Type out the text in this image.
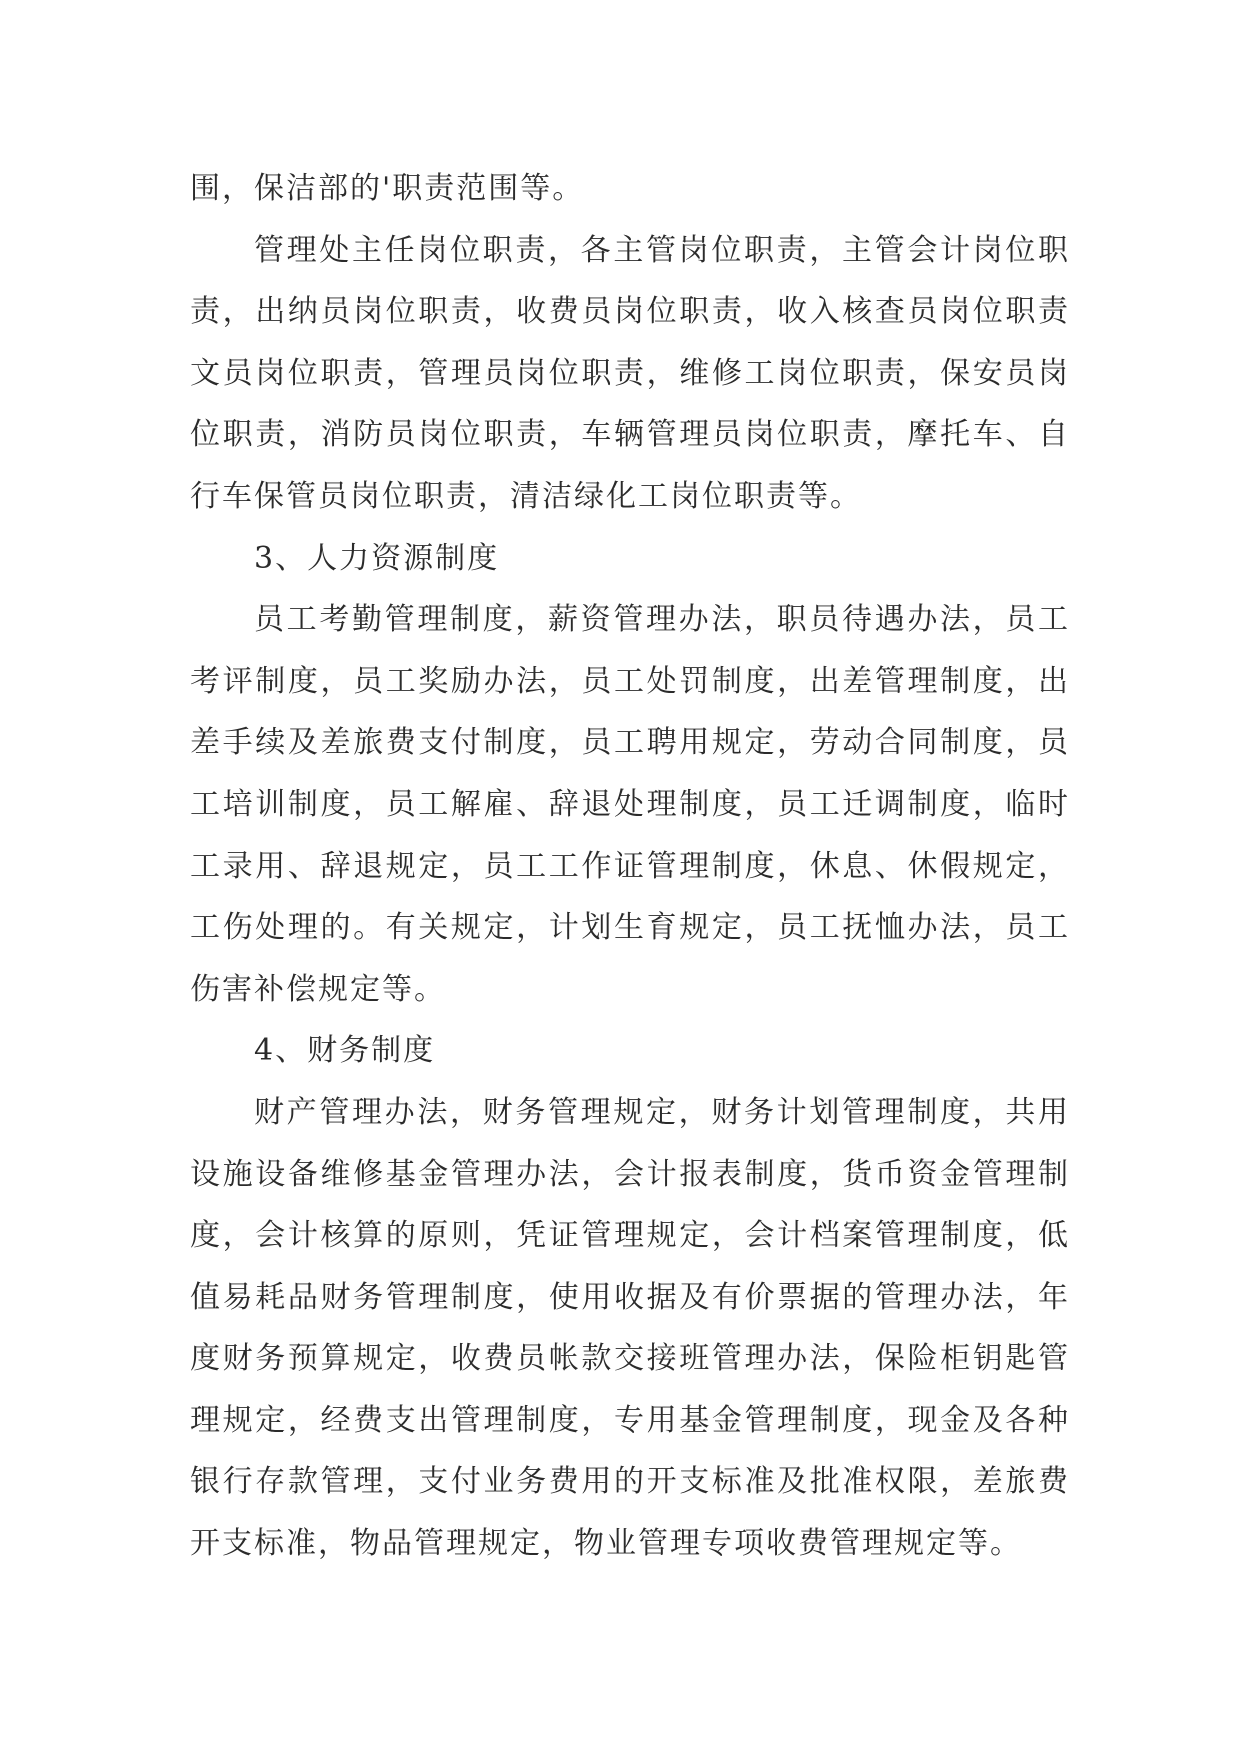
围，保洁部的'职责范围等。

管理处主任岗位职责，各主管岗位职责，主管会计岗位职责，出纳员岗位职责，收费员岗位职责，收入核查员岗位职责文员岗位职责，管理员岗位职责，维修工岗位职责，保安员岗位职责，消防员岗位职责，车辆管理员岗位职责，摩托车、自行车保管员岗位职责，清洁绿化工岗位职责等。

3、人力资源制度

员工考勤管理制度，薪资管理办法，职员待遇办法，员工考评制度，员工奖励办法，员工处罚制度，出差管理制度，出差手续及差旅费支付制度，员工聘用规定，劳动合同制度，员工培训制度，员工解雇、辞退处理制度，员工迁调制度，临时工录用、辞退规定，员工工作证管理制度，休息、休假规定，工伤处理的。有关规定，计划生育规定，员工抚恤办法，员工伤害补偿规定等。

4、财务制度

财产管理办法，财务管理规定，财务计划管理制度，共用设施设备维修基金管理办法，会计报表制度，货币资金管理制度，会计核算的原则，凭证管理规定，会计档案管理制度，低值易耗品财务管理制度，使用收据及有价票据的管理办法，年度财务预算规定，收费员帐款交接班管理办法，保险柜钥匙管理规定，经费支出管理制度，专用基金管理制度，现金及各种银行存款管理，支付业务费用的开支标准及批准权限，差旅费开支标准，物品管理规定，物业管理专项收费管理规定等。
